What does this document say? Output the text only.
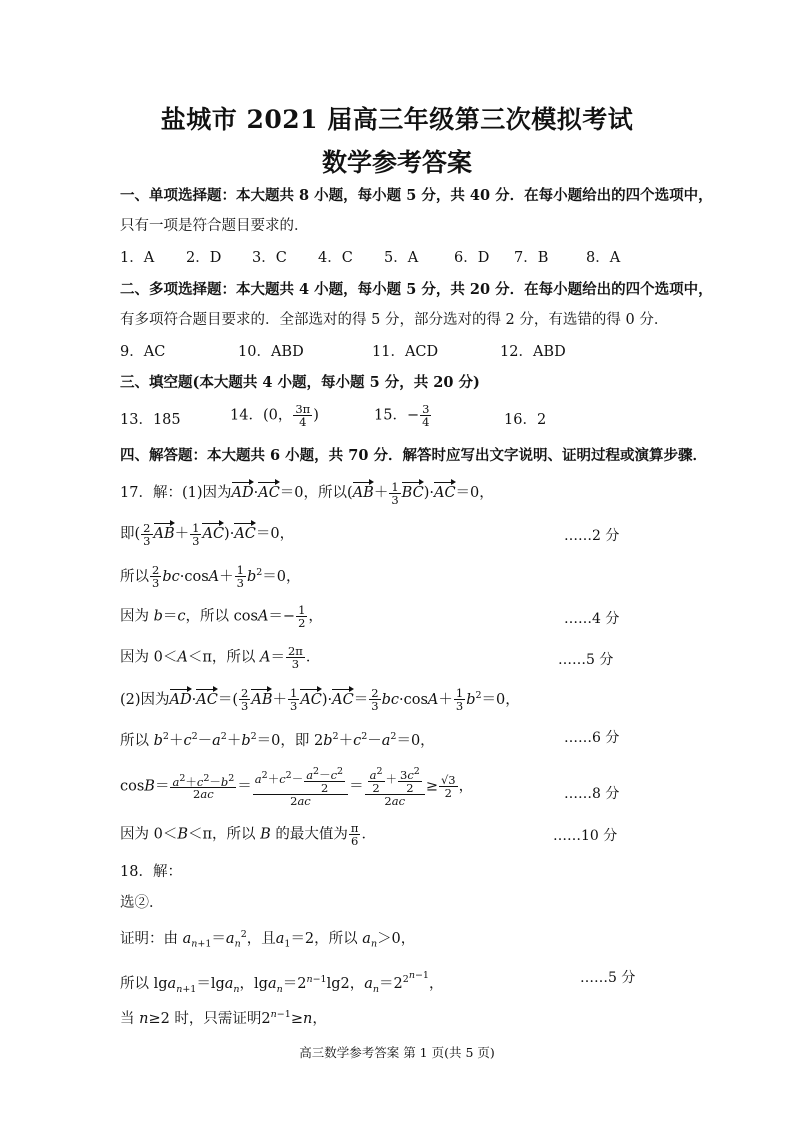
盐城市 2021 届高三年级第三次模拟考试
数学参考答案
一、单项选择题：本大题共 8 小题，每小题 5 分，共 40 分．在每小题给出的四个选项中，
只有一项是符合题目要求的．
1．A 2．D 3．C 4．C 5．A 6．D 7．B	8．A
二、多项选择题：本大题共 4 小题，每小题 5 分，共 20 分．在每小题给出的四个选项中，
有多项符合题目要求的．全部选对的得 5 分，部分选对的得 2 分，有选错的得 0 分．
9．AC	10．ABD	11．ACD	12．ABD
三、填空题(本大题共 4 小题，每小题 5 分，共 20 分)
13．185	14．(0， $\frac{3\pi}{4}$ )	15．− $\frac{3}{4}$	16．2
四、解答题：本大题共 6 小题，共 70 分．解答时应写出文字说明、证明过程或演算步骤．
17．解：(1)因为AD·AC＝0，所以$(AB+ \frac{1}{3} BC)\cdot AC=0$，
即( $\frac{2}{3} AB+ \frac{1}{3} AC)\cdot AC=0$，	……2 分
所以 $\frac{2}{3} bc\cdot\cos A+ \frac{1}{3} b^2=0$，
因为 b＝c，所以 $\cos A=- \frac{1}{2}$ ，	……4 分
因为 0＜A＜π，所以 $A= \frac{2\pi}{3}$ ．	……5 分
(2)因为$AD\cdot AC=( \frac{2}{3} AB+ \frac{1}{3} AC)\cdot AC= \frac{2}{3} bc\cdot\cos A+ \frac{1}{3} b^2=0$，
所以 $b^2+c^2-a^2+b^2=0$，即 $2b^2+c^2-a^2=0$，	……6 分
$\cos B= \frac{a^2+c^2-b^2}{2ac} = \frac{a^2+c^2- \frac{a^2-c^2}{2}}{2ac} = \frac{\frac{a^2}{2} + \frac{3c^2}{2}}{2ac} \ge \frac{√3}{2}$ ，	……8 分
因为 0＜B＜π，所以 B 的最大值为 $\frac{\pi}{6}$ ．	……10 分
18．解：
选②．
证明：由 $a_{n+1}=a_n^2$，且$a_1=2$，所以 $a_n>0$，
所以 lga$_{n+1}$＝lga$_n$，$\lg a_n=2^{n-1}\lg 2$，$a_n=2^{2^{n-1}}$，	……5 分
当 n≥2 时，只需证明$2^{n-1}\ge n$，
高三数学参考答案 第 1 页(共 5 页)
